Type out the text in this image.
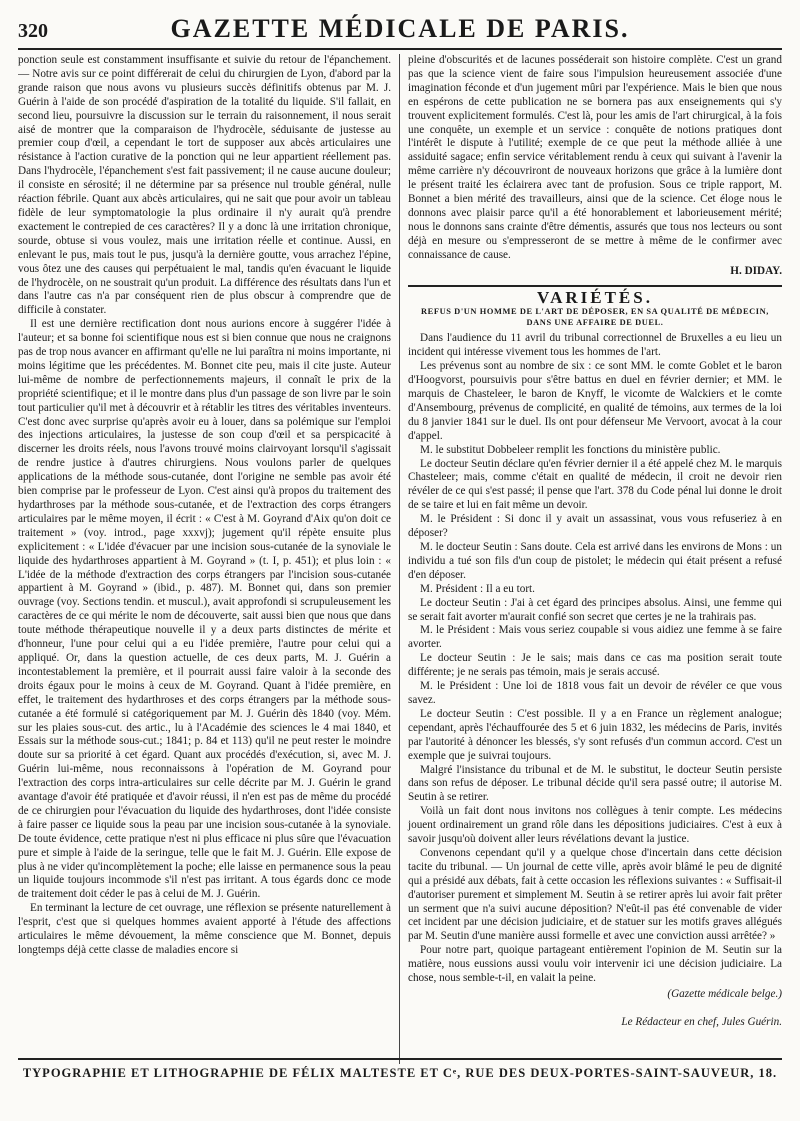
320	GAZETTE MÉDICALE DE PARIS.

ponction seule est constamment insuffisante et suivie du retour de l'épanchement. — Notre avis sur ce point différerait de celui du chirurgien de Lyon, d'abord par la grande raison que nous avons vu plusieurs succès définitifs obtenus par M. J. Guérin à l'aide de son procédé d'aspiration de la totalité du liquide. S'il fallait, en second lieu, poursuivre la discussion sur le terrain du raisonnement, il nous serait aisé de montrer que la comparaison de l'hydrocèle, séduisante de justesse au premier coup d'œil, a cependant le tort de supposer aux abcès articulaires une résistance à l'action curative de la ponction qui ne leur appartient réellement pas. Dans l'hydrocèle, l'épanchement s'est fait passivement; il ne cause aucune douleur; il consiste en sérosité; il ne détermine par sa présence nul trouble général, nulle réaction fébrile. Quant aux abcès articulaires, qui ne sait que pour avoir un tableau fidèle de leur symptomatologie la plus ordinaire il n'y aurait qu'à prendre exactement le contrepied de ces caractères? Il y a donc là une irritation chronique, sourde, obtuse si vous voulez, mais une irritation réelle et continue. Aussi, en enlevant le pus, mais tout le pus, jusqu'à la dernière goutte, vous arrachez l'épine, vous ôtez une des causes qui perpétuaient le mal, tandis qu'en évacuant le liquide de l'hydrocèle, on ne soustrait qu'un produit. La différence des résultats dans l'un et dans l'autre cas n'a par conséquent rien de plus obscur à comprendre que de difficile à constater.

Il est une dernière rectification dont nous aurions encore à suggérer l'idée à l'auteur; et sa bonne foi scientifique nous est si bien connue que nous ne craignons pas de trop nous avancer en affirmant qu'elle ne lui paraîtra ni moins importante, ni moins légitime que les précédentes. M. Bonnet cite peu, mais il cite juste. Auteur lui-même de nombre de perfectionnements majeurs, il connaît le prix de la propriété scientifique; et il le montre dans plus d'un passage de son livre par le soin tout particulier qu'il met à découvrir et à rétablir les titres des véritables inventeurs. C'est donc avec surprise qu'après avoir eu à louer, dans sa polémique sur l'emploi des injections articulaires, la justesse de son coup d'œil et sa perspicacité à discerner les droits réels, nous l'avons trouvé moins clairvoyant lorsqu'il s'agissait de rendre justice à d'autres chirurgiens. Nous voulons parler de quelques applications de la méthode sous-cutanée, dont l'origine ne semble pas avoir été bien comprise par le professeur de Lyon. C'est ainsi qu'à propos du traitement des hydarthroses par la méthode sous-cutanée, et de l'extraction des corps étrangers articulaires par le même moyen, il écrit : « C'est à M. Goyrand d'Aix qu'on doit ce traitement » (voy. introd., page xxxvj); jugement qu'il répète ensuite plus explicitement : « L'idée d'évacuer par une incision sous-cutanée de la synoviale le liquide des hydarthroses appartient à M. Goyrand » (t. I, p. 451); et plus loin : « L'idée de la méthode d'extraction des corps étrangers par l'incision sous-cutanée appartient à M. Goyrand » (ibid., p. 487). M. Bonnet qui, dans son premier ouvrage (voy. Sections tendin. et muscul.), avait approfondi si scrupuleusement les caractères de ce qui mérite le nom de découverte, sait aussi bien que nous que dans toute méthode thérapeutique nouvelle il y a deux parts distinctes de mérite et d'honneur, l'une pour celui qui a eu l'idée première, l'autre pour celui qui a appliqué. Or, dans la question actuelle, de ces deux parts, M. J. Guérin a incontestablement la première, et il pourrait aussi faire valoir à la seconde des droits égaux pour le moins à ceux de M. Goyrand. Quant à l'idée première, en effet, le traitement des hydarthroses et des corps étrangers par la méthode sous-cutanée a été formulé si catégoriquement par M. J. Guérin dès 1840 (voy. Mém. sur les plaies sous-cut. des artic., lu à l'Académie des sciences le 4 mai 1840, et Essais sur la méthode sous-cut.; 1841; p. 84 et 113) qu'il ne peut rester le moindre doute sur sa priorité à cet égard. Quant aux procédés d'exécution, si, avec M. J. Guérin lui-même, nous reconnaissons à l'opération de M. Goyrand pour l'extraction des corps intra-articulaires sur celle décrite par M. J. Guérin le grand avantage d'avoir été pratiquée et d'avoir réussi, il n'en est pas de même du procédé de ce chirurgien pour l'évacuation du liquide des hydarthroses, dont l'idée consiste à faire passer ce liquide sous la peau par une incision sous-cutanée à la synoviale. De toute évidence, cette pratique n'est ni plus efficace ni plus sûre que l'évacuation pure et simple à l'aide de la seringue, telle que le fait M. J. Guérin. Elle expose de plus à ne vider qu'incomplètement la poche; elle laisse en permanence sous la peau un liquide toujours incommode s'il n'est pas irritant. A tous égards donc ce mode de traitement doit céder le pas à celui de M. J. Guérin.

En terminant la lecture de cet ouvrage, une réflexion se présente naturellement à l'esprit, c'est que si quelques hommes avaient apporté à l'étude des affections articulaires le même dévouement, la même conscience que M. Bonnet, depuis longtemps déjà cette classe de maladies encore si

pleine d'obscurités et de lacunes posséderait son histoire complète. C'est un grand pas que la science vient de faire sous l'impulsion heureusement associée d'une imagination féconde et d'un jugement mûri par l'expérience. Mais le bien que nous en espérons de cette publication ne se bornera pas aux enseignements qui s'y trouvent explicitement formulés. C'est là, pour les amis de l'art chirurgical, à la fois une conquête, un exemple et un service : conquête de notions pratiques dont l'intérêt le dispute à l'utilité; exemple de ce que peut la méthode alliée à une assiduité sagace; enfin service véritablement rendu à ceux qui suivant à l'avenir la même carrière n'y découvriront de nouveaux horizons que grâce à la lumière dont le présent traité les éclairera avec tant de profusion. Sous ce triple rapport, M. Bonnet a bien mérité des travailleurs, ainsi que de la science. Cet éloge nous le donnons avec plaisir parce qu'il a été honorablement et laborieusement mérité; nous le donnons sans crainte d'être démentis, assurés que tous nos lecteurs ou sont déjà en mesure ou s'empresseront de se mettre à même de le confirmer avec connaissance de cause.

H. DIDAY.
VARIÉTÉS.
REFUS D'UN HOMME DE L'ART DE DÉPOSER, EN SA QUALITÉ DE MÉDECIN, DANS UNE AFFAIRE DE DUEL.

Dans l'audience du 11 avril du tribunal correctionnel de Bruxelles a eu lieu un incident qui intéresse vivement tous les hommes de l'art.

Les prévenus sont au nombre de six : ce sont MM. le comte Goblet et le baron d'Hoogvorst, poursuivis pour s'être battus en duel en février dernier; et MM. le marquis de Chasteleer, le baron de Knyff, le vicomte de Walckiers et le comte d'Ansembourg, prévenus de complicité, en qualité de témoins, aux termes de la loi du 8 janvier 1841 sur le duel. Ils ont pour défenseur Me Vervoort, avocat à la cour d'appel.

M. le substitut Dobbeleer remplit les fonctions du ministère public.

Le docteur Seutin déclare qu'en février dernier il a été appelé chez M. le marquis Chasteleer; mais, comme c'était en qualité de médecin, il croit ne devoir rien révéler de ce qui s'est passé; il pense que l'art. 378 du Code pénal lui donne le droit de se taire et lui en fait même un devoir.

M. le Président : Si donc il y avait un assassinat, vous vous refuseriez à en déposer?

M. le docteur Seutin : Sans doute. Cela est arrivé dans les environs de Mons : un individu a tué son fils d'un coup de pistolet; le médecin qui était présent a refusé d'en déposer.

M. Président : Il a eu tort.

Le docteur Seutin : J'ai à cet égard des principes absolus. Ainsi, une femme qui se serait fait avorter m'aurait confié son secret que certes je ne la trahirais pas.

M. le Président : Mais vous seriez coupable si vous aidiez une femme à se faire avorter.

Le docteur Seutin : Je le sais; mais dans ce cas ma position serait toute différente; je ne serais pas témoin, mais je serais accusé.

M. le Président : Une loi de 1818 vous fait un devoir de révéler ce que vous savez.

Le docteur Seutin : C'est possible. Il y a en France un règlement analogue; cependant, après l'échauffourée des 5 et 6 juin 1832, les médecins de Paris, invités par l'autorité à dénoncer les blessés, s'y sont refusés d'un commun accord. C'est un exemple que je suivrai toujours.

Malgré l'insistance du tribunal et de M. le substitut, le docteur Seutin persiste dans son refus de déposer. Le tribunal décide qu'il sera passé outre; il autorise M. Seutin à se retirer.

Voilà un fait dont nous invitons nos collègues à tenir compte. Les médecins jouent ordinairement un grand rôle dans les dépositions judiciaires. C'est à eux à savoir jusqu'où doivent aller leurs révélations devant la justice.

Convenons cependant qu'il y a quelque chose d'incertain dans cette décision tacite du tribunal. — Un journal de cette ville, après avoir blâmé le peu de dignité qui a présidé aux débats, fait à cette occasion les réflexions suivantes : « Suffisait-il d'autoriser purement et simplement M. Seutin à se retirer après lui avoir fait prêter un serment que n'a suivi aucune déposition? N'eût-il pas été convenable de vider cet incident par une décision judiciaire, et de statuer sur les motifs graves allégués par M. Seutin d'une manière aussi formelle et avec une conviction aussi arrêtée? »

Pour notre part, quoique partageant entièrement l'opinion de M. Seutin sur la matière, nous eussions aussi voulu voir intervenir ici une décision judiciaire. La chose, nous semble-t-il, en valait la peine.

(Gazette médicale belge.)
Le Rédacteur en chef, Jules Guérin.
TYPOGRAPHIE ET LITHOGRAPHIE DE FÉLIX MALTESTE ET Cᵉ, RUE DES DEUX-PORTES-SAINT-SAUVEUR, 18.
